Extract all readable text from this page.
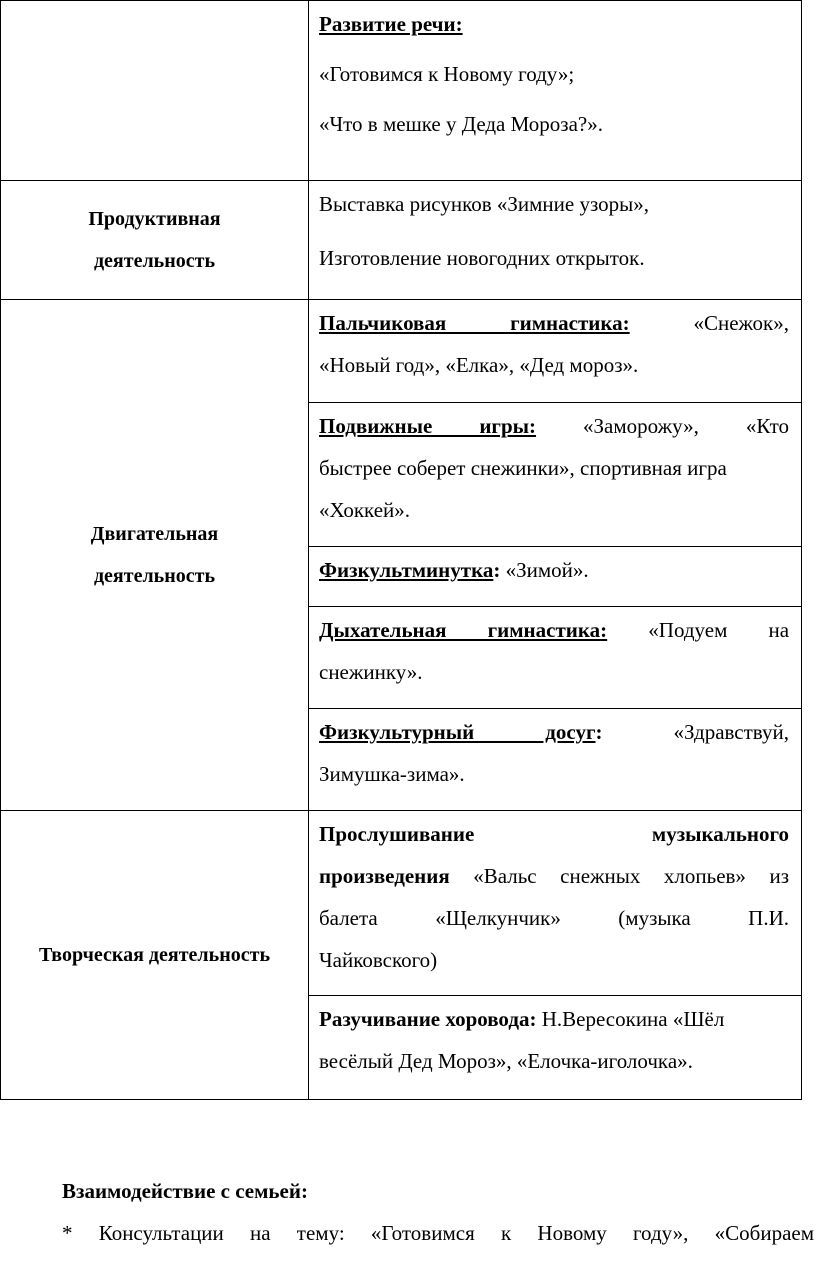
	Развитие речи:
«Готовимся к Новому году»;
«Что в мешке у Деда Мороза?».

Продуктивная
деятельность	Выставка рисунков «Зимние узоры»,
Изготовление новогодних открыток.

Двигательная
деятельность	Пальчиковая гимнастика: «Снежок»,
«Новый год», «Елка», «Дед мороз».

	Подвижные игры: «Заморожу», «Кто
быстрее соберет снежинки», спортивная игра
«Хоккей».

	Физкультминутка: «Зимой».

	Дыхательная гимнастика: «Подуем на
снежинку».

	Физкультурный досуг: «Здравствуй,
Зимушка-зима».

Творческая деятельность	Прослушивание музыкального
произведения «Вальс снежных хлопьев» из
балета «Щелкунчик» (музыка П.И.
Чайковского)

	Разучивание хоровода: Н.Вересокина «Шёл
весёлый Дед Мороз», «Елочка-иголочка».
Взаимодействие с семьей:
* Консультации на тему: «Готовимся к Новому году», «Собираем
